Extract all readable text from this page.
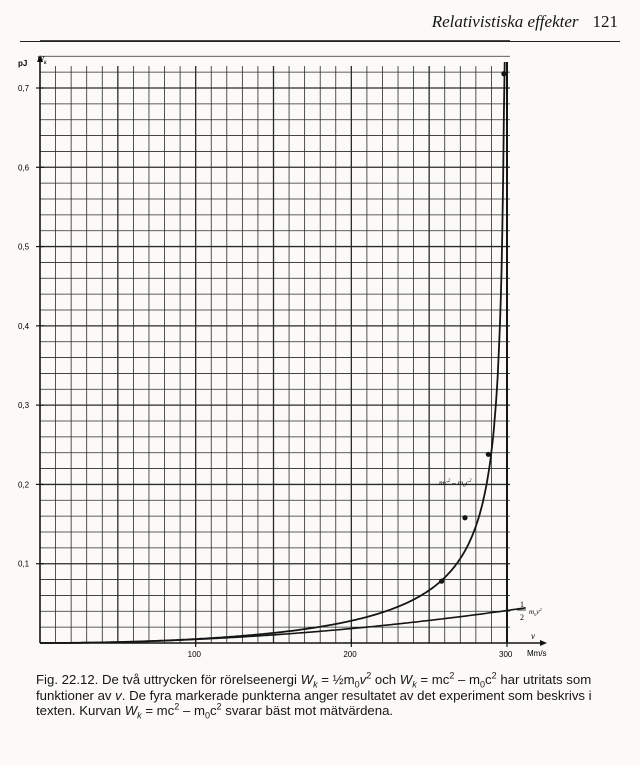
Relativistiska effekter 121
0,1
0,2
0,3
0,4
0,5
0,6
0,7
100	200	300
pJ $W_k$
v
Mm/s
$mc^2 - m_0c^2$
1
2
$m_0v^2$

Fig. 22.12. De två uttrycken för rörelseenergi $W_k$ = $\frac{1}{2}m_0v^2$ och $W_k = mc^2 - m_0c^2$ har utritats som funktioner av v. De fyra markerade punkterna anger resultatet av det experiment som beskrivs i texten. Kurvan $W_k = mc^2 - m_0c^2$ svarar bäst mot mätvärdena.
